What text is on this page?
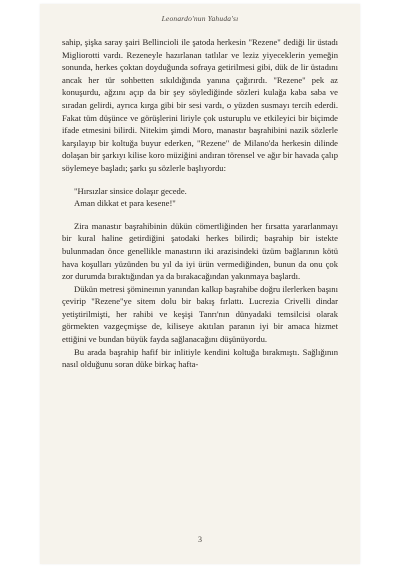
Leonardo'nun Yahuda'sı

sahip, şişka saray şairi Bellincioli ile şatoda herkesin "Rezene" dediği lir üstadı Migliorotti vardı. Rezeneyle hazırlanan tatlılar ve leziz yiyeceklerin yemeğin sonunda, herkes çoktan doyduğunda sofraya getirilmesi gibi, dük de lir üstadını ancak her tür sohbetten sıkıldığında yanına çağırırdı. "Rezene" pek az konuşurdu, ağzını açıp da bir şey söylediğinde sözleri kulağa kaba saba ve sıradan gelirdi, ayrıca kırga gibi bir sesi vardı, o yüzden susmayı tercih ederdi. Fakat tüm düşünce ve görüşlerini liriyle çok usturuplu ve etkileyici bir biçimde ifade etmesini bilirdi. Nitekim şimdi Moro, manastır başrahibini nazik sözlerle karşılayıp bir koltuğa buyur ederken, "Rezene" de Milano'da herkesin dilinde dolaşan bir şarkıyı kilise koro müziğini andıran törensel ve ağır bir havada çalıp söylemeye başladı; şarkı şu sözlerle başlıyordu:

"Hırsızlar sinsice dolaşır gecede.
Aman dikkat et para kesene!"

Zira manastır başrahibinin dükün cömertliğinden her fırsatta yararlanmayı bir kural haline getirdiğini şatodaki herkes bilirdi; başrahip bir istekte bulunmadan önce genellikle manastırın iki arazisindeki üzüm bağlarının kötü hava koşulları yüzünden bu yıl da iyi ürün vermediğinden, bunun da onu çok zor durumda bıraktığından ya da bırakacağından yakınmaya başlardı.

Dükün metresi şömineının yanından kalkıp başrahibe doğru ilerlerken başını çevirip "Rezene"ye sitem dolu bir bakış fırlattı. Lucrezia Crivelli dindar yetiştirilmişti, her rahibi ve keşişi Tanrı'nın dünyadaki temsilcisi olarak görmekten vazgeçmişse de, kiliseye akıtılan paranın iyi bir amaca hizmet ettiğini ve bundan büyük fayda sağlanacağını düşünüyordu.

Bu arada başrahip hafif bir inlitiyle kendini koltuğa bırakmıştı. Sağlığının nasıl olduğunu soran düke birkaç hafta-

3
